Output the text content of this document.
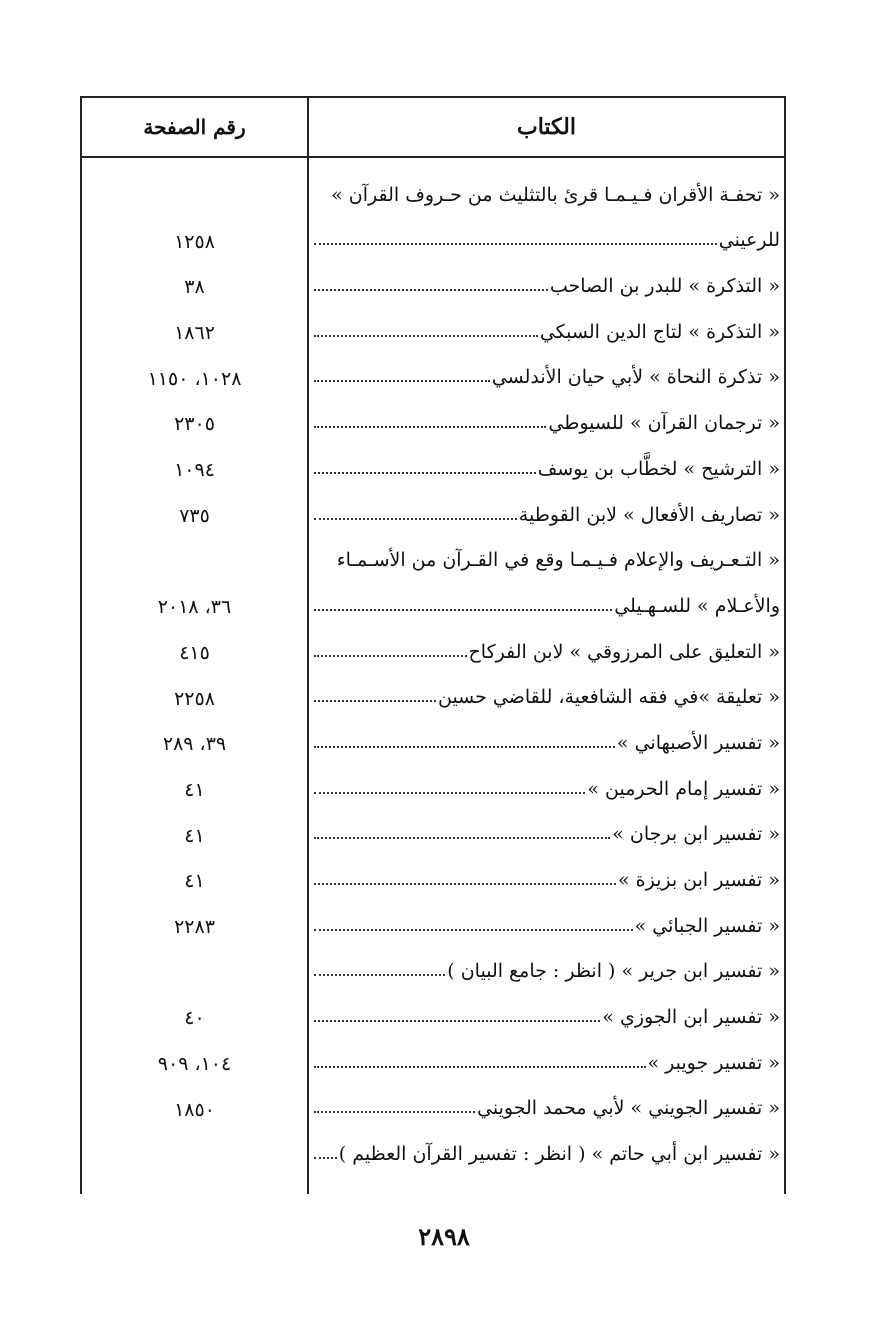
الكتاب
رقم الصفحة
« تحفـة الأقران فـيـمـا قرئ بالتثليث من حـروف القرآن »
للرعيني
١٢٥٨
« التذكرة » للبدر بن الصاحب
٣٨
« التذكرة » لتاج الدين السبكي
١٨٦٢
« تذكرة النحاة » لأبي حيان الأندلسي
١٠٢٨، ١١٥٠
« ترجمان القرآن » للسيوطي
٢٣٠٥
« الترشيح » لخطَّاب بن يوسف
١٠٩٤
« تصاريف الأفعال » لابن القوطية
٧٣٥
« التـعـريف والإعلام فـيـمـا وقع في القـرآن من الأسـمـاء
والأعـلام » للسـهـيلي
٣٦، ٢٠١٨
« التعليق على المرزوقي » لابن الفركاح
٤١٥
« تعليقة »في فقه الشافعية، للقاضي حسين
٢٢٥٨
« تفسير الأصبهاني »
٣٩، ٢٨٩
« تفسير إمام الحرمين »
٤١
« تفسير ابن برجان »
٤١
« تفسير ابن بزيزة »
٤١
« تفسير الجبائي »
٢٢٨٣
« تفسير ابن جرير » ( انظر : جامع البيان )
« تفسير ابن الجوزي »
٤٠
« تفسير جويبر »
١٠٤، ٩٠٩
« تفسير الجويني » لأبي محمد الجويني
١٨٥٠
« تفسير ابن أبي حاتم » ( انظر : تفسير القرآن العظيم )
٢٨٩٨
